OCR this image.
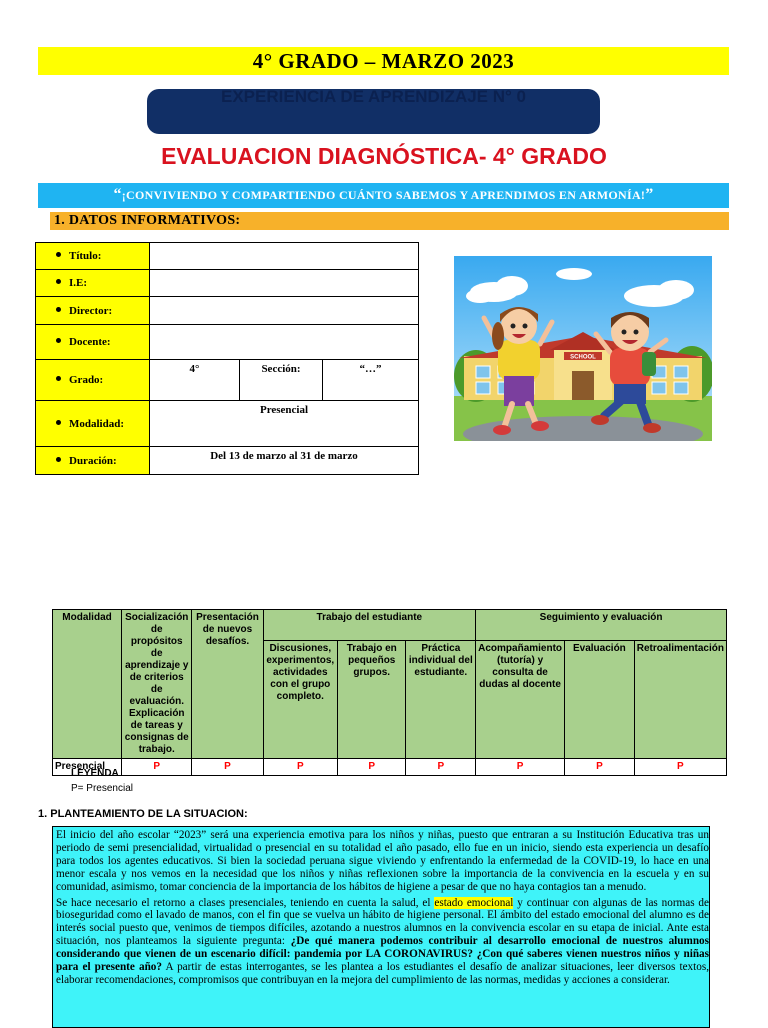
4° GRADO – MARZO 2023
EXPERIENCIA DE APRENDIZAJE N° 0
EVALUACION DIAGNÓSTICA- 4° GRADO
“¡CONVIVIENDO Y COMPARTIENDO CUÁNTO SABEMOS Y APRENDIMOS EN ARMONÍA!”
1. DATOS INFORMATIVOS:
Título:			
I.E:			
Director:			
Docente:			
Grado:	4°	Sección:	“…”
Modalidad:	Presencial		
Duración:	Del 13 de marzo al 31 de marzo		
SCHOOL
Modalidad	Socialización de propósitos de aprendizaje y de criterios de evaluación. Explicación de tareas y consignas de trabajo.	Presentación de nuevos desafíos.	Trabajo del estudiante			Seguimiento y evaluación		
			Discusiones, experimentos, actividades con el grupo completo.	Trabajo en pequeños grupos.	Práctica individual del estudiante.	Acompañamiento (tutoría) y consulta de dudas al docente	Evaluación	Retroalimentación
Presencial	P	P	P	P	P	P	P	P
LEYENDA
P= Presencial
1. PLANTEAMIENTO DE LA SITUACION:

El inicio del año escolar “2023” será una experiencia emotiva para los niños y niñas, puesto que entraran a su Institución Educativa tras un periodo de semi presencialidad, virtualidad o presencial en su totalidad el año pasado, ello fue en un inicio, siendo esta experiencia un desafío para todos los agentes educativos. Si bien la sociedad peruana sigue viviendo y enfrentando la enfermedad de la COVID-19, lo hace en una menor escala y nos vemos en la necesidad que los niños y niñas reflexionen sobre la importancia de la convivencia en la escuela y en su comunidad, asimismo, tomar conciencia de la importancia de los hábitos de higiene a pesar de que no haya contagios tan a menudo.

Se hace necesario el retorno a clases presenciales, teniendo en cuenta la salud, el estado emocional y continuar con algunas de las normas de bioseguridad como el lavado de manos, con el fin que se vuelva un hábito de higiene personal. El ámbito del estado emocional del alumno es de interés social puesto que, venimos de tiempos difíciles, azotando a nuestros alumnos en la convivencia escolar en su etapa de inicial. Ante esta situación, nos planteamos la siguiente pregunta: ¿De qué manera podemos contribuir al desarrollo emocional de nuestros alumnos considerando que vienen de un escenario difícil: pandemia por LA CORONAVIRUS? ¿Con qué saberes vienen nuestros niños y niñas para el presente año? A partir de estas interrogantes, se les plantea a los estudiantes el desafío de analizar situaciones, leer diversos textos, elaborar recomendaciones, compromisos que contribuyan en la mejora del cumplimiento de las normas, medidas y acciones a considerar.
